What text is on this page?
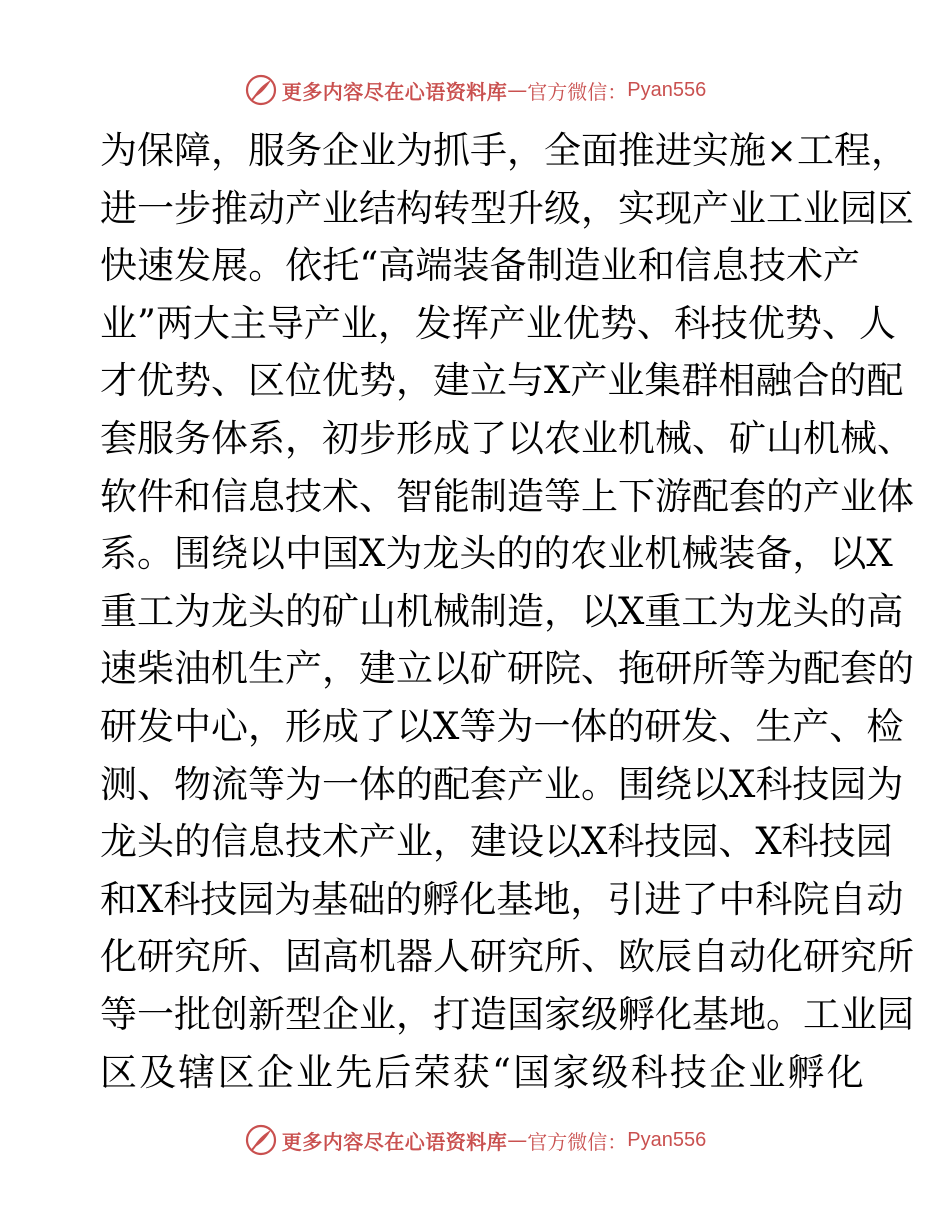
更多内容尽在心语资料库 — 官方微信： Pyan556
为保障，服务企业为抓手，全面推进实施×工程，
进一步推动产业结构转型升级，实现产业工业园区
快速发展。依托“高端装备制造业和信息技术产
业”两大主导产业，发挥产业优势、科技优势、人
才优势、区位优势，建立与X产业集群相融合的配
套服务体系，初步形成了以农业机械、矿山机械、
软件和信息技术、智能制造等上下游配套的产业体
系。围绕以中国X为龙头的的农业机械装备，以X
重工为龙头的矿山机械制造，以X重工为龙头的高
速柴油机生产，建立以矿研院、拖研所等为配套的
研发中心，形成了以X等为一体的研发、生产、检
测、物流等为一体的配套产业。围绕以X科技园为
龙头的信息技术产业，建设以X科技园、X科技园
和X科技园为基础的孵化基地，引进了中科院自动
化研究所、固高机器人研究所、欧辰自动化研究所
等一批创新型企业，打造国家级孵化基地。工业园
区及辖区企业先后荣获“国家级科技企业孵化
更多内容尽在心语资料库 — 官方微信： Pyan556
